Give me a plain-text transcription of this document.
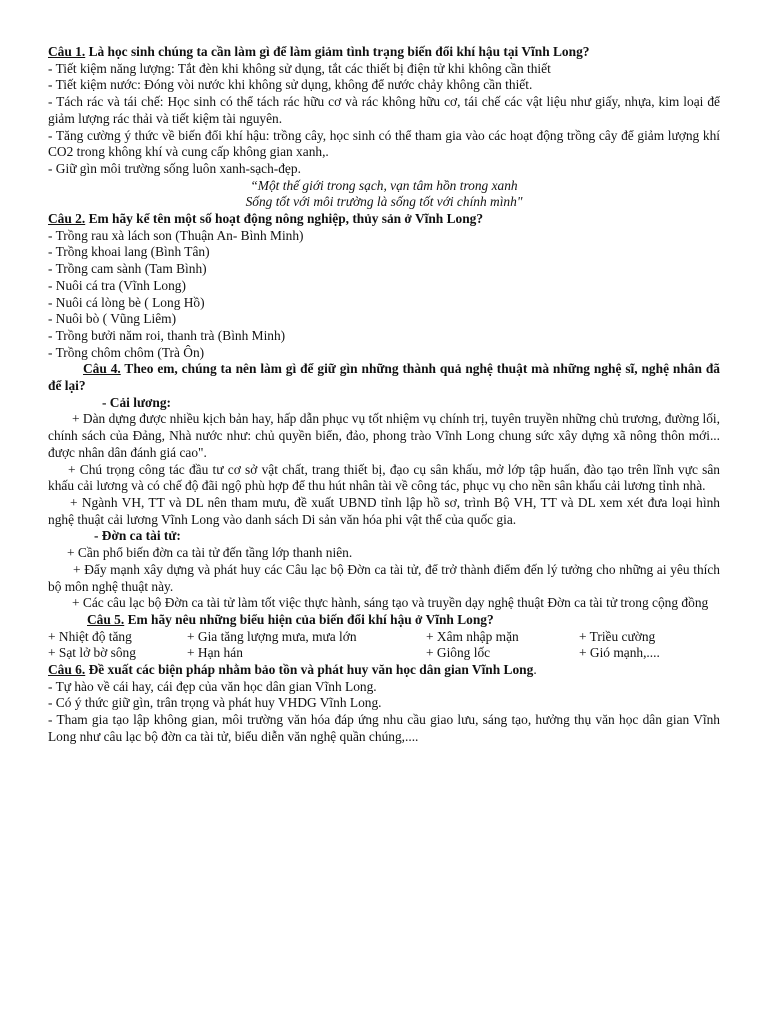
Câu 1. Là học sinh chúng ta cần làm gì để làm giảm tình trạng biến đổi khí hậu tại Vĩnh Long?

- Tiết kiệm năng lượng: Tắt đèn khi không sử dụng, tắt các thiết bị điện tử khi không cần thiết

- Tiết kiệm nước: Đóng vòi nước khi không sử dụng, không để nước chảy không cần thiết.

- Tách rác và tái chế: Học sinh có thể tách rác hữu cơ và rác không hữu cơ, tái chế các vật liệu như giấy, nhựa, kim loại để giảm lượng rác thải và tiết kiệm tài nguyên.

- Tăng cường ý thức về biến đổi khí hậu: trồng cây, học sinh có thể tham gia vào các hoạt động trồng cây để giảm lượng khí CO2 trong không khí và cung cấp không gian xanh,.

- Giữ gìn môi trường sống luôn xanh-sạch-đẹp.

“Một thế giới trong sạch, vạn tâm hồn trong xanh

Sống tốt với môi trường là sống tốt với chính mình"

Câu 2. Em hãy kể tên một số hoạt động nông nghiệp, thủy sản ở Vĩnh Long?

- Trồng rau xà lách son (Thuận An- Bình Minh)

- Trồng khoai lang (Bình Tân)

- Trồng cam sành (Tam Bình)

- Nuôi cá tra (Vĩnh Long)

- Nuôi cá lòng bè ( Long Hồ)

- Nuôi bò ( Vũng Liêm)

- Trồng bưởi năm roi, thanh trà (Bình Minh)

- Trồng chôm chôm (Trà Ôn)

Câu 4. Theo em, chúng ta nên làm gì để giữ gìn những thành quả nghệ thuật mà những nghệ sĩ, nghệ nhân đã để lại?

- Cải lương:

+ Dàn dựng được nhiều kịch bản hay, hấp dẫn phục vụ tốt nhiệm vụ chính trị, tuyên truyền những chủ trương, đường lối, chính sách của Đảng, Nhà nước như: chủ quyền biển, đảo, phong trào Vĩnh Long chung sức xây dựng xã nông thôn mới... được nhân dân đánh giá cao".

+ Chú trọng công tác đầu tư cơ sở vật chất, trang thiết bị, đạo cụ sân khấu, mở lớp tập huấn, đào tạo trên lĩnh vực sân khấu cải lương và có chế độ đãi ngộ phù hợp để thu hút nhân tài về công tác, phục vụ cho nền sân khấu cải lương tỉnh nhà.

+ Ngành VH, TT và DL nên tham mưu, đề xuất UBND tỉnh lập hồ sơ, trình Bộ VH, TT và DL xem xét đưa loại hình nghệ thuật cải lương Vĩnh Long vào danh sách Di sản văn hóa phi vật thể của quốc gia.

- Đờn ca tài tử:

+ Cần phổ biến đờn ca tài tử đến tầng lớp thanh niên.

+ Đẩy mạnh xây dựng và phát huy các Câu lạc bộ Đờn ca tài tử, để trở thành điểm đến lý tưởng cho những ai yêu thích bộ môn nghệ thuật này.

+ Các câu lạc bộ Đờn ca tài tử làm tốt việc thực hành, sáng tạo và truyền dạy nghệ thuật Đờn ca tài tử trong cộng đồng

Câu 5. Em hãy nêu những biểu hiện của biến đổi khí hậu ở Vĩnh Long?

+ Nhiệt độ tăng	+ Gia tăng lượng mưa, mưa lớn	+ Xâm nhập mặn	+ Triều cường
+ Sạt lở bờ sông	+ Hạn hán	+ Giông lốc	+ Gió mạnh,....

Câu 6. Đề xuất các biện pháp nhằm bảo tồn và phát huy văn học dân gian Vĩnh Long.

- Tự hào về cái hay, cái đẹp của văn học dân gian Vĩnh Long.

- Có ý thức giữ gìn, trân trọng và phát huy VHDG Vĩnh Long.

- Tham gia tạo lập không gian, môi trường văn hóa đáp ứng nhu cầu giao lưu, sáng tạo, hưởng thụ văn học dân gian Vĩnh Long như câu lạc bộ đờn ca tài tử, biểu diễn văn nghệ quần chúng,....
